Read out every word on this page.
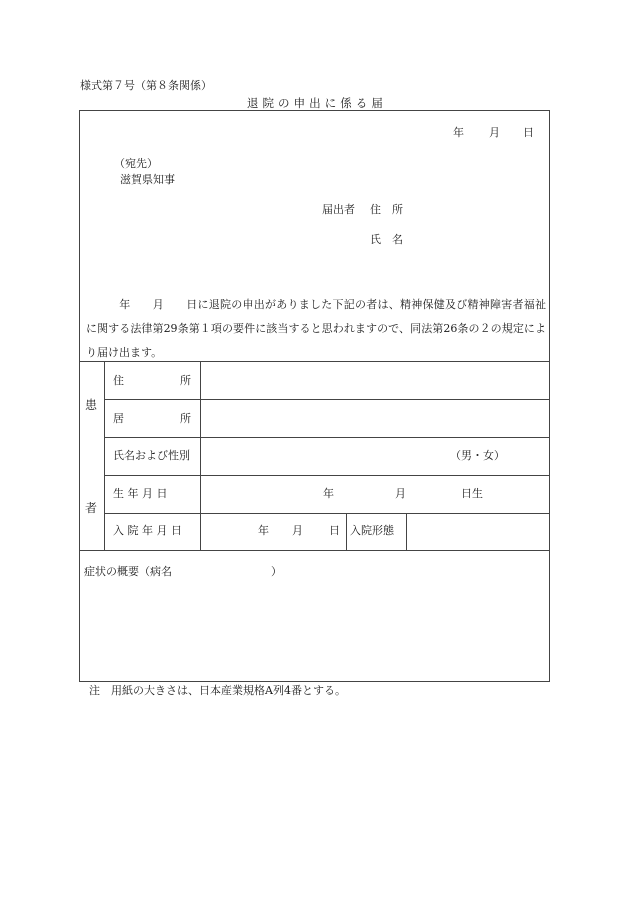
様式第７号（第８条関係）
退 院 の 申 出 に 係 る 届
年 月 日
（宛先）
滋賀県知事
届出者 住　所
氏　名
年 月 日に退院の申出がありました下記の者は、精神保健及び精神障害者福祉に関する法律第29条第１項の要件に該当すると思われますので、同法第26条の２の規定により届け出ます。
患
者
住	所
居	所
氏名および性別	（男・女）
生 年 月 日	年	月	日生
入 院 年 月 日	年 月 日 入院形態
症状の概要（病名	）
注　用紙の大きさは、日本産業規格A列4番とする。
